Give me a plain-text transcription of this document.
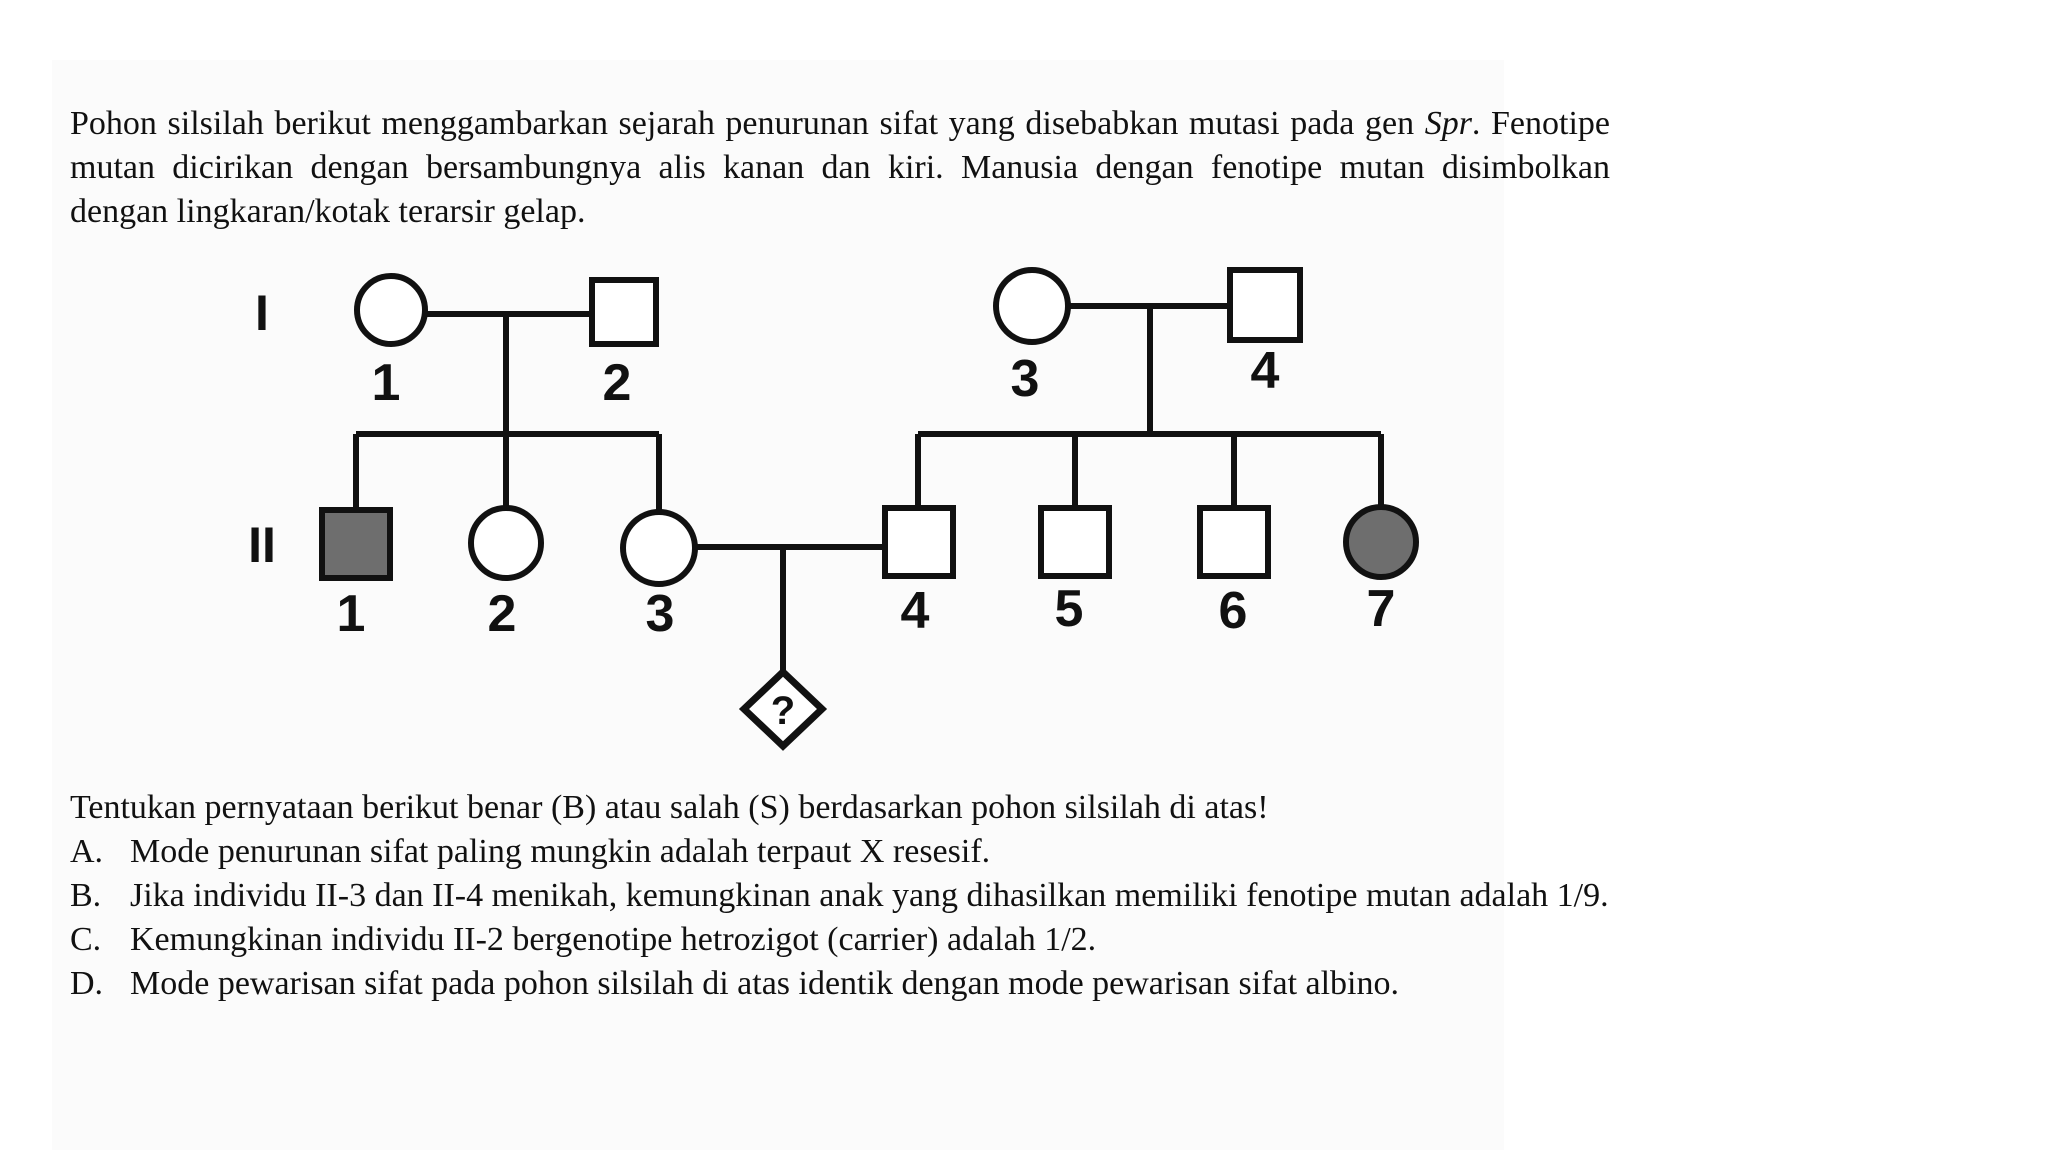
Pohon silsilah berikut menggambarkan sejarah penurunan sifat yang disebabkan mutasi pada gen Spr. Fenotipe mutan dicirikan dengan bersambungnya alis kanan dan kiri. Manusia dengan fenotipe mutan disimbolkan dengan lingkaran/kotak terarsir gelap.
I
II
1	2	3	4
1 2 3	4 5	6 7
?
Tentukan pernyataan berikut benar (B) atau salah (S) berdasarkan pohon silsilah di atas!
A. Mode penurunan sifat paling mungkin adalah terpaut X resesif.
B. Jika individu II-3 dan II-4 menikah, kemungkinan anak yang dihasilkan memiliki fenotipe mutan adalah 1/9.
C. Kemungkinan individu II-2 bergenotipe hetrozigot (carrier) adalah 1/2.
D. Mode pewarisan sifat pada pohon silsilah di atas identik dengan mode pewarisan sifat albino.
